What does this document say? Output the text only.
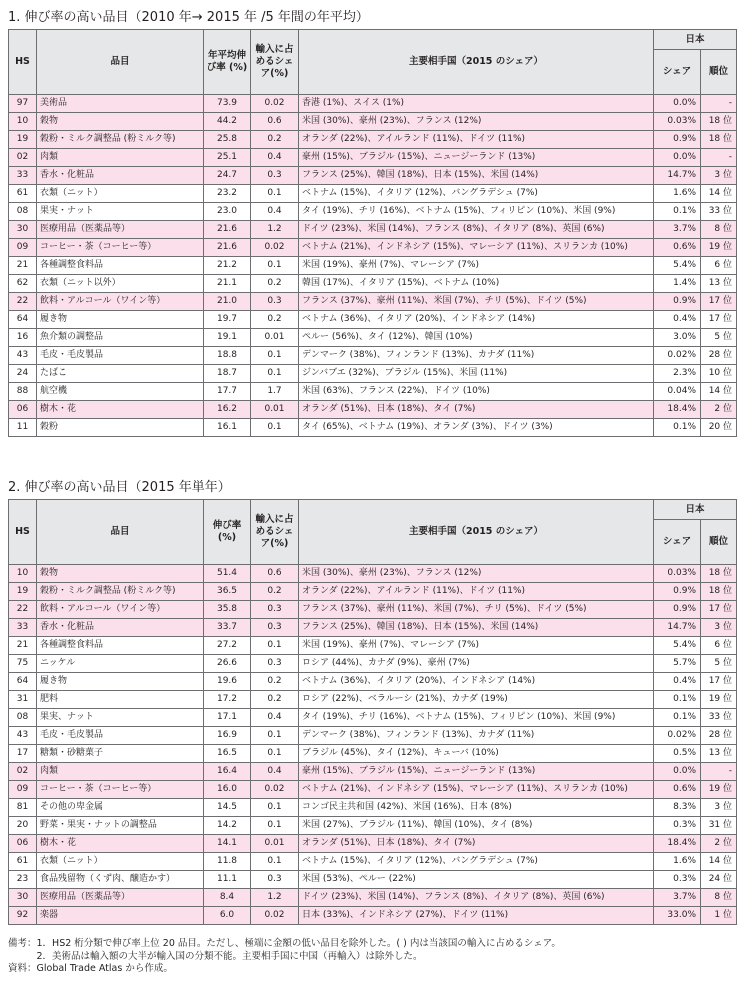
1. 伸び率の高い品目（2010 年→ 2015 年 /5 年間の年平均）
HS	品目	年平均伸び率 (%)	輸入に占めるシェア(%)	主要相手国（2015 のシェア）	日本	
					シェア	順位
97	美術品	73.9	0.02	香港 (1%)、スイス (1%)	0.0%	-
10	穀物	44.2	0.6	米国 (30%)、豪州 (23%)、フランス (12%)	0.03%	18 位
19	穀粉・ミルク調整品 (粉ミルク等)	25.8	0.2	オランダ (22%)、アイルランド (11%)、ドイツ (11%)	0.9%	18 位
02	肉類	25.1	0.4	豪州 (15%)、ブラジル (15%)、ニュージーランド (13%)	0.0%	-
33	香水・化粧品	24.7	0.3	フランス (25%)、韓国 (18%)、日本 (15%)、米国 (14%)	14.7%	3 位
61	衣類（ニット）	23.2	0.1	ベトナム (15%)、イタリア (12%)、バングラデシュ (7%)	1.6%	14 位
08	果実・ナット	23.0	0.4	タイ (19%)、チリ (16%)、ベトナム (15%)、フィリピン (10%)、米国 (9%)	0.1%	33 位
30	医療用品（医薬品等）	21.6	1.2	ドイツ (23%)、米国 (14%)、フランス (8%)、イタリア (8%)、英国 (6%)	3.7%	8 位
09	コーヒー・茶（コーヒー等）	21.6	0.02	ベトナム (21%)、インドネシア (15%)、マレーシア (11%)、スリランカ (10%)	0.6%	19 位
21	各種調整食料品	21.2	0.1	米国 (19%)、豪州 (7%)、マレーシア (7%)	5.4%	6 位
62	衣類（ニット以外）	21.1	0.2	韓国 (17%)、イタリア (15%)、ベトナム (10%)	1.4%	13 位
22	飲料・アルコール（ワイン等）	21.0	0.3	フランス (37%)、豪州 (11%)、米国 (7%)、チリ (5%)、ドイツ (5%)	0.9%	17 位
64	履き物	19.7	0.2	ベトナム (36%)、イタリア (20%)、インドネシア (14%)	0.4%	17 位
16	魚介類の調整品	19.1	0.01	ペルー (56%)、タイ (12%)、韓国 (10%)	3.0%	5 位
43	毛皮・毛皮製品	18.8	0.1	デンマーク (38%)、フィンランド (13%)、カナダ (11%)	0.02%	28 位
24	たばこ	18.7	0.1	ジンバブエ (32%)、ブラジル (15%)、米国 (11%)	2.3%	10 位
88	航空機	17.7	1.7	米国 (63%)、フランス (22%)、ドイツ (10%)	0.04%	14 位
06	樹木・花	16.2	0.01	オランダ (51%)、日本 (18%)、タイ (7%)	18.4%	2 位
11	穀粉	16.1	0.1	タイ (65%)、ベトナム (19%)、オランダ (3%)、ドイツ (3%)	0.1%	20 位
2. 伸び率の高い品目（2015 年単年）
HS	品目	伸び率 (%)	輸入に占めるシェア(%)	主要相手国（2015 のシェア）	日本	
					シェア	順位
10	穀物	51.4	0.6	米国 (30%)、豪州 (23%)、フランス (12%)	0.03%	18 位
19	穀粉・ミルク調整品 (粉ミルク等)	36.5	0.2	オランダ (22%)、アイルランド (11%)、ドイツ (11%)	0.9%	18 位
22	飲料・アルコール（ワイン等）	35.8	0.3	フランス (37%)、豪州 (11%)、米国 (7%)、チリ (5%)、ドイツ (5%)	0.9%	17 位
33	香水・化粧品	33.7	0.3	フランス (25%)、韓国 (18%)、日本 (15%)、米国 (14%)	14.7%	3 位
21	各種調整食料品	27.2	0.1	米国 (19%)、豪州 (7%)、マレーシア (7%)	5.4%	6 位
75	ニッケル	26.6	0.3	ロシア (44%)、カナダ (9%)、豪州 (7%)	5.7%	5 位
64	履き物	19.6	0.2	ベトナム (36%)、イタリア (20%)、インドネシア (14%)	0.4%	17 位
31	肥料	17.2	0.2	ロシア (22%)、ベラルーシ (21%)、カナダ (19%)	0.1%	19 位
08	果実、ナット	17.1	0.4	タイ (19%)、チリ (16%)、ベトナム (15%)、フィリピン (10%)、米国 (9%)	0.1%	33 位
43	毛皮・毛皮製品	16.9	0.1	デンマーク (38%)、フィンランド (13%)、カナダ (11%)	0.02%	28 位
17	糖類・砂糖菓子	16.5	0.1	ブラジル (45%)、タイ (12%)、キューバ (10%)	0.5%	13 位
02	肉類	16.4	0.4	豪州 (15%)、ブラジル (15%)、ニュージーランド (13%)	0.0%	-
09	コーヒー・茶（コーヒー等）	16.0	0.02	ベトナム (21%)、インドネシア (15%)、マレーシア (11%)、スリランカ (10%)	0.6%	19 位
81	その他の卑金属	14.5	0.1	コンゴ民主共和国 (42%)、米国 (16%)、日本 (8%)	8.3%	3 位
20	野菜・果実・ナットの調整品	14.2	0.1	米国 (27%)、ブラジル (11%)、韓国 (10%)、タイ (8%)	0.3%	31 位
06	樹木・花	14.1	0.01	オランダ (51%)、日本 (18%)、タイ (7%)	18.4%	2 位
61	衣類（ニット）	11.8	0.1	ベトナム (15%)、イタリア (12%)、バングラデシュ (7%)	1.6%	14 位
23	食品残留物（くず肉、醸造かす）	11.1	0.3	米国 (53%)、ペルー (22%)	0.3%	24 位
30	医療用品（医薬品等）	8.4	1.2	ドイツ (23%)、米国 (14%)、フランス (8%)、イタリア (8%)、英国 (6%)	3.7%	8 位
92	楽器	6.0	0.02	日本 (33%)、インドネシア (27%)、ドイツ (11%)	33.0%	1 位
備考：1．HS2 桁分類で伸び率上位 20 品目。ただし、極端に金額の低い品目を除外した。( ) 内は当該国の輸入に占めるシェア。
　　　2．美術品は輸入額の大半が輸入国の分類不能。主要相手国に中国（再輸入）は除外した。
資料：Global Trade Atlas から作成。
